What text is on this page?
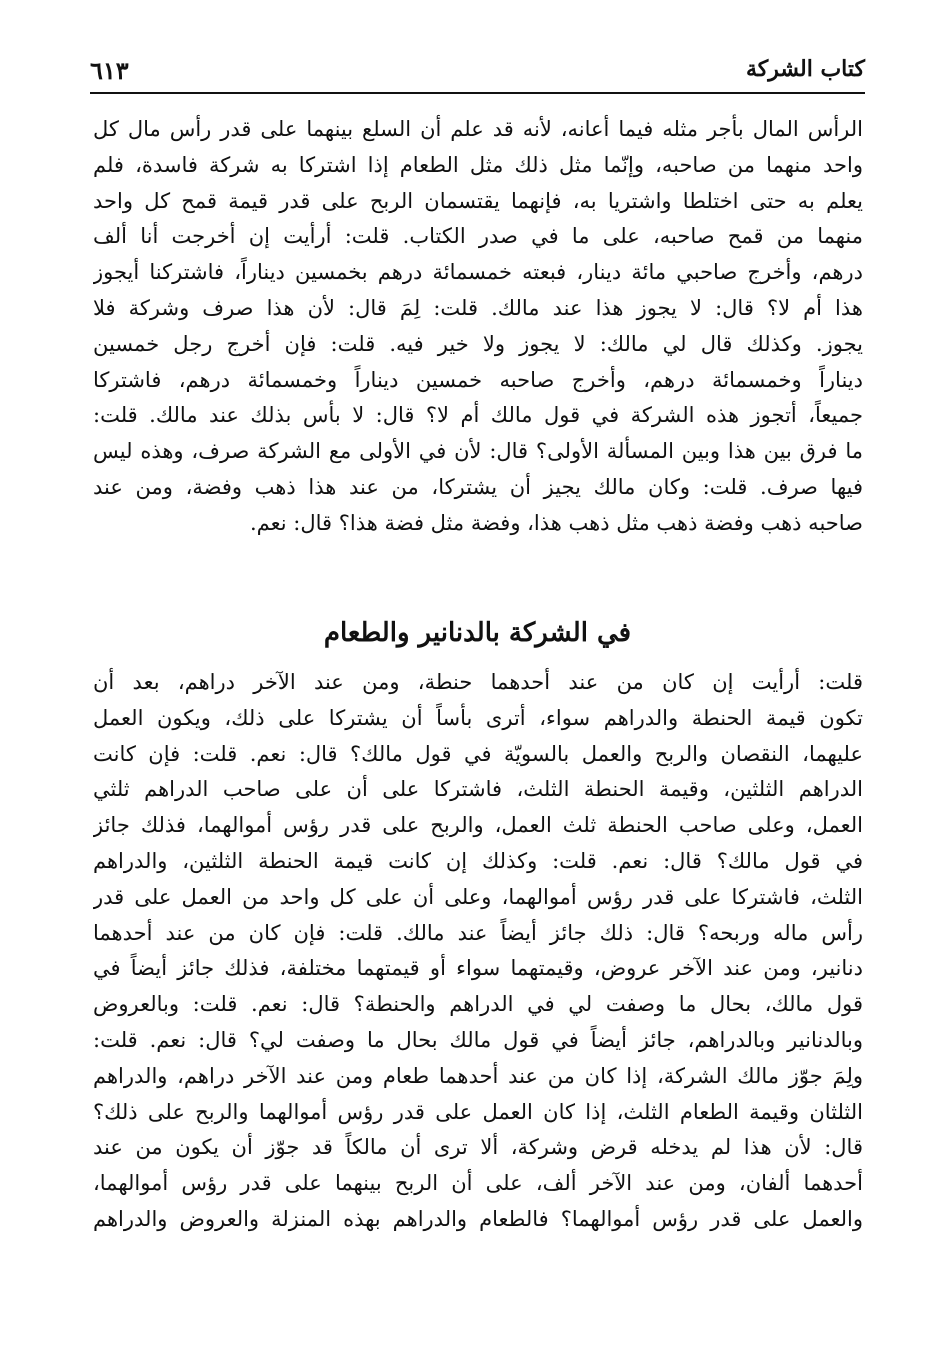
كتاب الشركة
٦١٣
الرأس المال بأجر مثله فيما أعانه، لأنه قد علم أن السلع بينهما على قدر رأس مال كل
واحد منهما من صاحبه، وإنّما مثل ذلك مثل الطعام إذا اشتركا به شركة فاسدة، فلم
يعلم به حتى اختلطا واشتريا به، فإنهما يقتسمان الربح على قدر قيمة قمح كل واحد
منهما من قمح صاحبه، على ما في صدر الكتاب. قلت: أرأيت إن أخرجت أنا ألف
درهم، وأخرج صاحبي مائة دينار، فبعته خمسمائة درهم بخمسين ديناراً، فاشتركنا أيجوز
هذا أم لا؟ قال: لا يجوز هذا عند مالك. قلت: لِمَ قال: لأن هذا صرف وشركة فلا
يجوز. وكذلك قال لي مالك: لا يجوز ولا خير فيه. قلت: فإن أخرج رجل خمسين
ديناراً وخمسمائة درهم، وأخرج صاحبه خمسين ديناراً وخمسمائة درهم، فاشتركا
جميعاً، أتجوز هذه الشركة في قول مالك أم لا؟ قال: لا بأس بذلك عند مالك. قلت:
ما فرق بين هذا وبين المسألة الأولى؟ قال: لأن في الأولى مع الشركة صرف، وهذه ليس
فيها صرف. قلت: وكان مالك يجيز أن يشتركا، من عند هذا ذهب وفضة، ومن عند
صاحبه ذهب وفضة ذهب مثل ذهب هذا، وفضة مثل فضة هذا؟ قال: نعم.
في الشركة بالدنانير والطعام
قلت: أرأيت إن كان من عند أحدهما حنطة، ومن عند الآخر دراهم، بعد أن
تكون قيمة الحنطة والدراهم سواء، أترى بأساً أن يشتركا على ذلك، ويكون العمل
عليهما، النقصان والربح والعمل بالسويّة في قول مالك؟ قال: نعم. قلت: فإن كانت
الدراهم الثلثين، وقيمة الحنطة الثلث، فاشتركا على أن على صاحب الدراهم ثلثي
العمل، وعلى صاحب الحنطة ثلث العمل، والربح على قدر رؤس أموالهما، فذلك جائز
في قول مالك؟ قال: نعم. قلت: وكذلك إن كانت قيمة الحنطة الثلثين، والدراهم
الثلث، فاشتركا على قدر رؤس أموالهما، وعلى أن على كل واحد من العمل على قدر
رأس ماله وربحه؟ قال: ذلك جائز أيضاً عند مالك. قلت: فإن كان من عند أحدهما
دنانير، ومن عند الآخر عروض، وقيمتهما سواء أو قيمتهما مختلفة، فذلك جائز أيضاً في
قول مالك، بحال ما وصفت لي في الدراهم والحنطة؟ قال: نعم. قلت: وبالعروض
وبالدنانير وبالدراهم، جائز أيضاً في قول مالك بحال ما وصفت لي؟ قال: نعم. قلت:
ولِمَ جوّز مالك الشركة، إذا كان من عند أحدهما طعام ومن عند الآخر دراهم، والدراهم
الثلثان وقيمة الطعام الثلث، إذا كان العمل على قدر رؤس أموالهما والربح على ذلك؟
قال: لأن هذا لم يدخله قرض وشركة، ألا ترى أن مالكاً قد جوّز أن يكون من عند
أحدهما ألفان، ومن عند الآخر ألف، على أن الربح بينهما على قدر رؤس أموالهما،
والعمل على قدر رؤس أموالهما؟ فالطعام والدراهم بهذه المنزلة والعروض والدراهم
